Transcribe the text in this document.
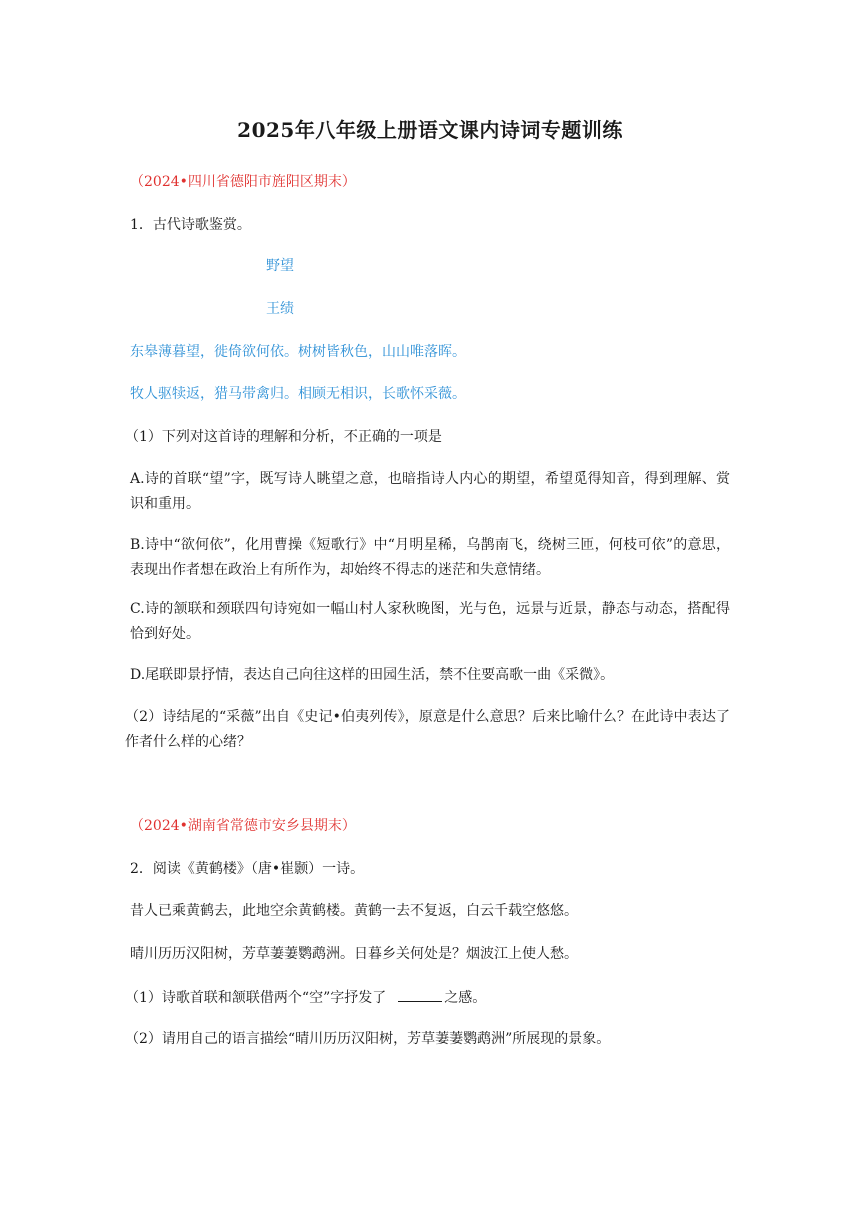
2025年八年级上册语文课内诗词专题训练
（2024•四川省德阳市旌阳区期末）
1．古代诗歌鉴赏。
野望
王绩
东皋薄暮望，徙倚欲何依。树树皆秋色，山山唯落晖。
牧人驱犊返，猎马带禽归。相顾无相识，长歌怀采薇。
（1）下列对这首诗的理解和分析，不正确的一项是
A.诗的首联“望”字，既写诗人眺望之意，也暗指诗人内心的期望，希望觅得知音，得到理解、赏识和重用。
B.诗中“欲何依”，化用曹操《短歌行》中“月明星稀，乌鹊南飞，绕树三匝，何枝可依”的意思，表现出作者想在政治上有所作为，却始终不得志的迷茫和失意情绪。
C.诗的颔联和颈联四句诗宛如一幅山村人家秋晚图，光与色，远景与近景，静态与动态，搭配得恰到好处。
D.尾联即景抒情，表达自己向往这样的田园生活，禁不住要高歌一曲《采微》。
（2）诗结尾的“采薇”出自《史记•伯夷列传》，原意是什么意思？后来比喻什么？在此诗中表达了作者什么样的心绪？
（2024•湖南省常德市安乡县期末）
2．阅读《黄鹤楼》（唐•崔颢）一诗。
昔人已乘黄鹤去，此地空余黄鹤楼。黄鹤一去不复返，白云千载空悠悠。
晴川历历汉阳树，芳草萋萋鹦鹉洲。日暮乡关何处是？烟波江上使人愁。
（1）诗歌首联和颔联借两个“空”字抒发了	之感。
（2）请用自己的语言描绘“晴川历历汉阳树，芳草萋萋鹦鹉洲”所展现的景象。
